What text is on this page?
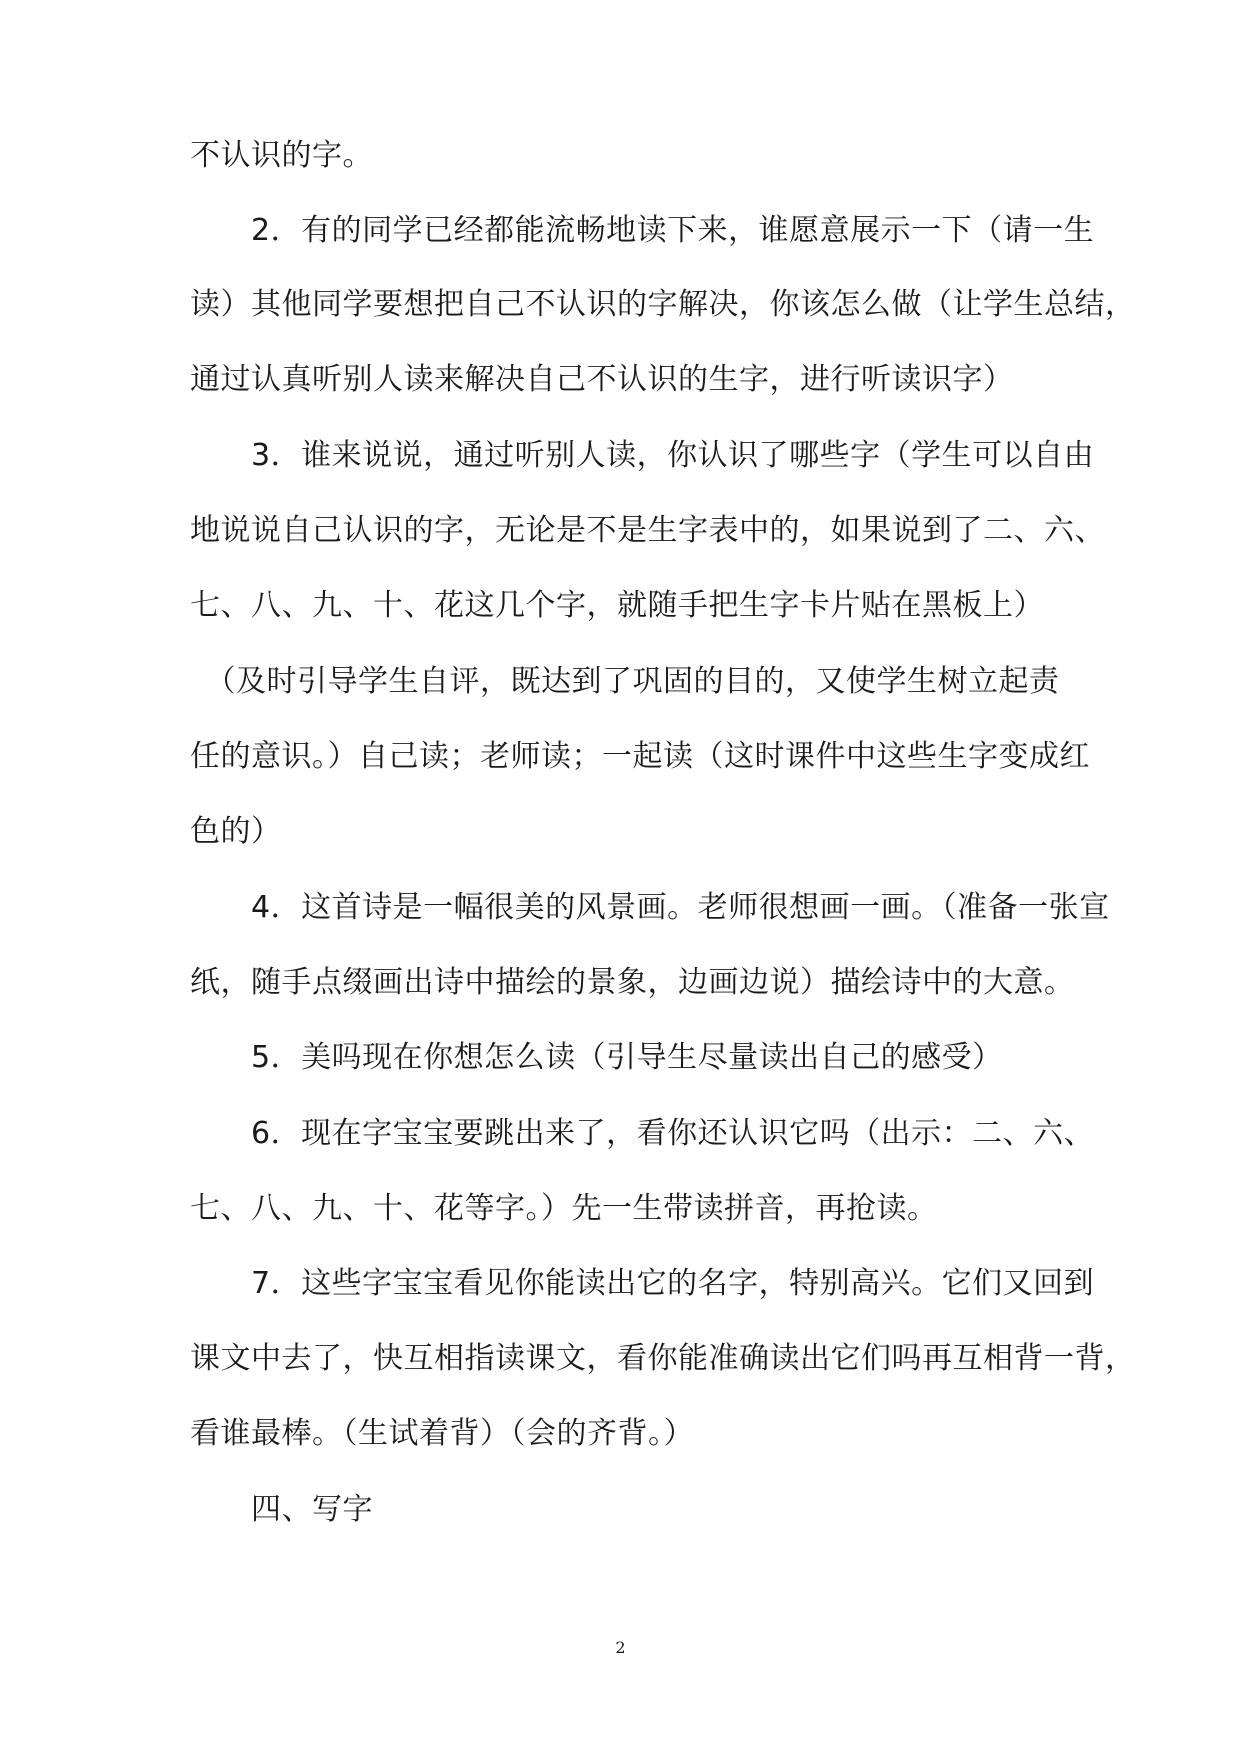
不认识的字。
　　2．有的同学已经都能流畅地读下来，谁愿意展示一下（请一生
读）其他同学要想把自己不认识的字解决，你该怎么做（让学生总结，
通过认真听别人读来解决自己不认识的生字，进行听读识字）
　　3．谁来说说，通过听别人读，你认识了哪些字（学生可以自由
地说说自己认识的字，无论是不是生字表中的，如果说到了二、六、
七、八、九、十、花这几个字，就随手把生字卡片贴在黑板上）
　（及时引导学生自评，既达到了巩固的目的，又使学生树立起责
任的意识。）自己读；老师读；一起读（这时课件中这些生字变成红
色的）
　　4．这首诗是一幅很美的风景画。老师很想画一画。（准备一张宣
纸，随手点缀画出诗中描绘的景象，边画边说）描绘诗中的大意。
　　5．美吗现在你想怎么读（引导生尽量读出自己的感受）
　　6．现在字宝宝要跳出来了，看你还认识它吗（出示：二、六、
七、八、九、十、花等字。）先一生带读拼音，再抢读。
　　7．这些字宝宝看见你能读出它的名字，特别高兴。它们又回到
课文中去了，快互相指读课文，看你能准确读出它们吗再互相背一背，
看谁最棒。（生试着背）（会的齐背。）
　　四、写字
2
